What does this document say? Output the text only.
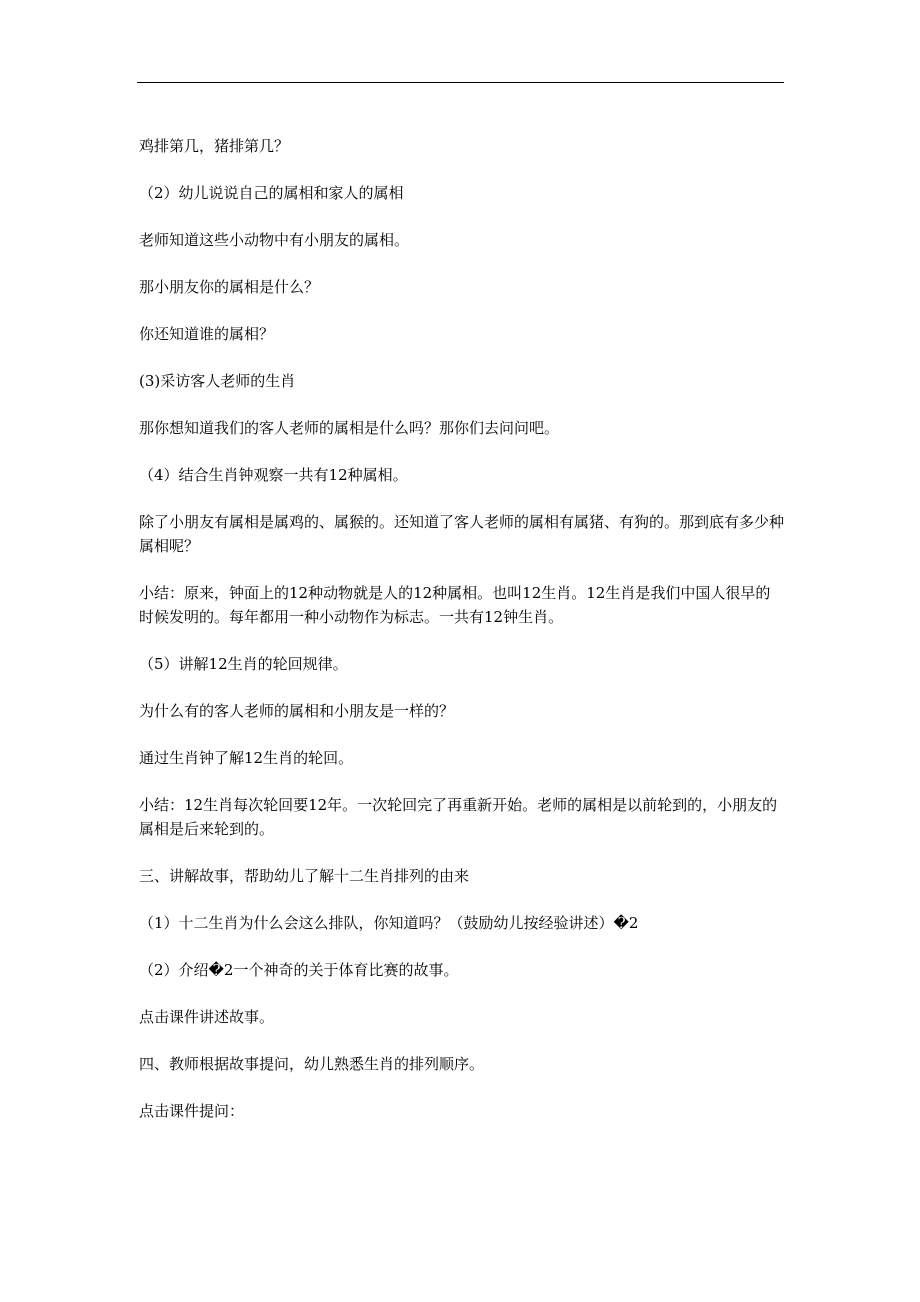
鸡排第几，猪排第几？

（2）幼儿说说自己的属相和家人的属相

老师知道这些小动物中有小朋友的属相。

那小朋友你的属相是什么？

你还知道谁的属相？

(3)采访客人老师的生肖

那你想知道我们的客人老师的属相是什么吗？那你们去问问吧。

（4）结合生肖钟观察一共有12种属相。

除了小朋友有属相是属鸡的、属猴的。还知道了客人老师的属相有属猪、有狗的。那到底有多少种属相呢？

小结：原来，钟面上的12种动物就是人的12种属相。也叫12生肖。12生肖是我们中国人很早的时候发明的。每年都用一种小动物作为标志。一共有12钟生肖。

（5）讲解12生肖的轮回规律。

为什么有的客人老师的属相和小朋友是一样的？

通过生肖钟了解12生肖的轮回。

小结：12生肖每次轮回要12年。一次轮回完了再重新开始。老师的属相是以前轮到的，小朋友的属相是后来轮到的。

三、讲解故事，帮助幼儿了解十二生肖排列的由来

（1）十二生肖为什么会这么排队，你知道吗？（鼓励幼儿按经验讲述）�2

（2）介绍�2一个神奇的关于体育比赛的故事。

点击课件讲述故事。

四、教师根据故事提问，幼儿熟悉生肖的排列顺序。

点击课件提问：
